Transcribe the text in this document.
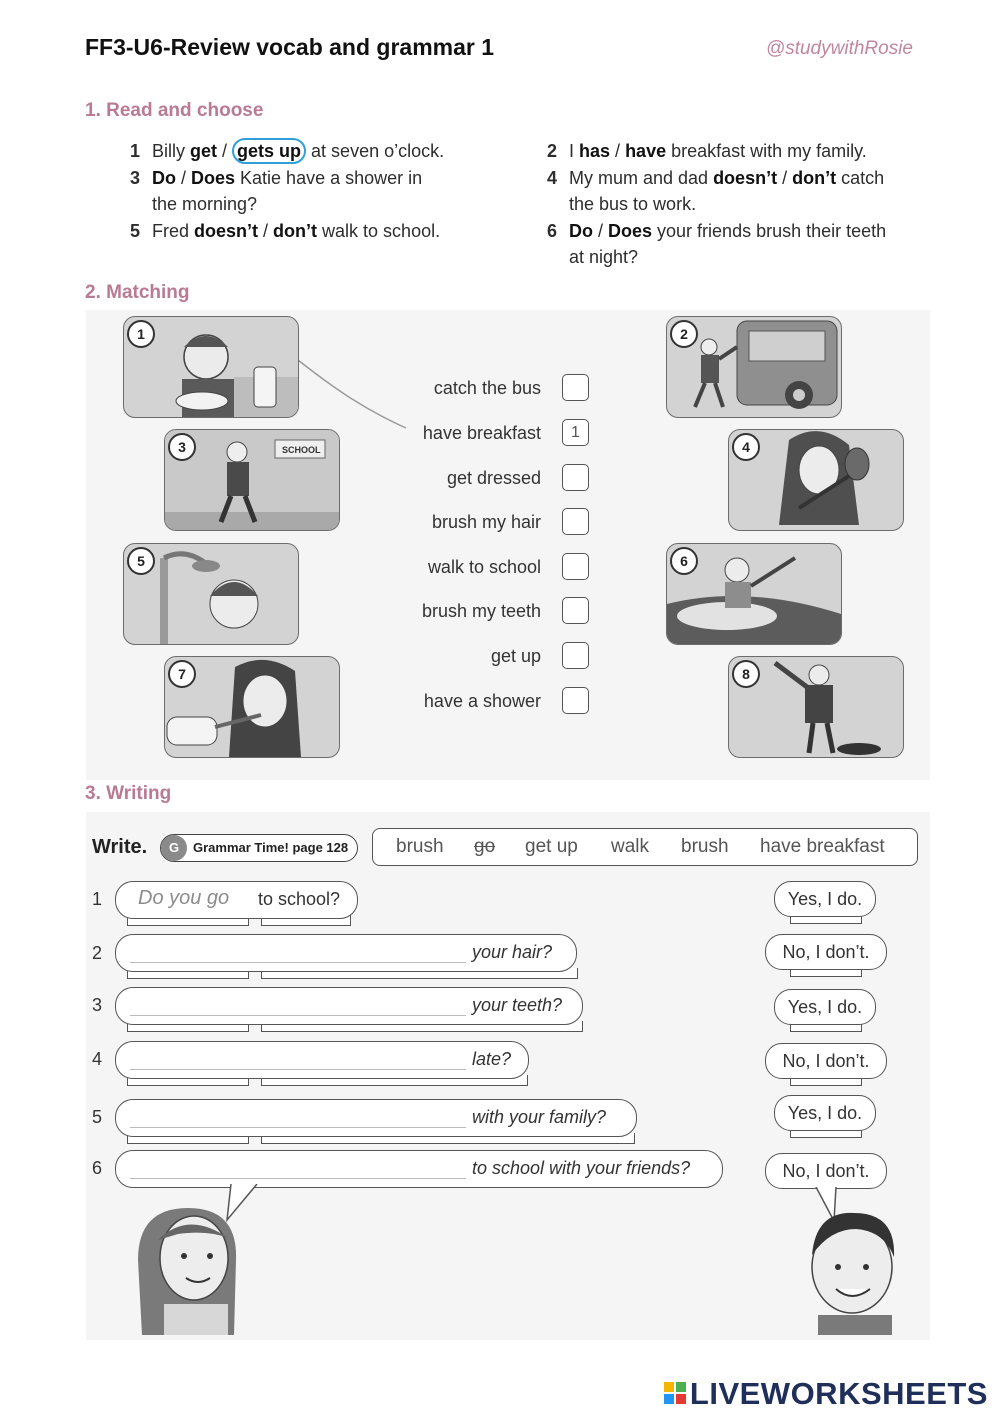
FF3-U6-Review vocab and grammar 1	@studywithRosie
1. Read and choose
1 Billy get / gets up at seven o’clock.	2 I has / have breakfast with my family.
3 Do / Does Katie have a shower in
the morning?
4 My mum and dad doesn’t / don’t catch
the bus to work.
5 Fred doesn’t / don’t walk to school.	6 Do / Does your friends brush their teeth
at night?
2. Matching
1	2
SCHOOL
3	4
5	6
7	8
catch the bus
have breakfast
get dressed
brush my hair
walk to school
brush my teeth
get up
have a shower
1
3. Writing
Write.	G Grammar Time! page 128	brush go get up walk brush have breakfast
1 Do you go to school?
2	your hair?
3	your teeth?
4	late?
5	with your family?
6	to school with your friends?
Yes, I do.
No, I don’t.
Yes, I do.
No, I don’t.
Yes, I do.
No, I don’t.
LIVEWORKSHEETS
